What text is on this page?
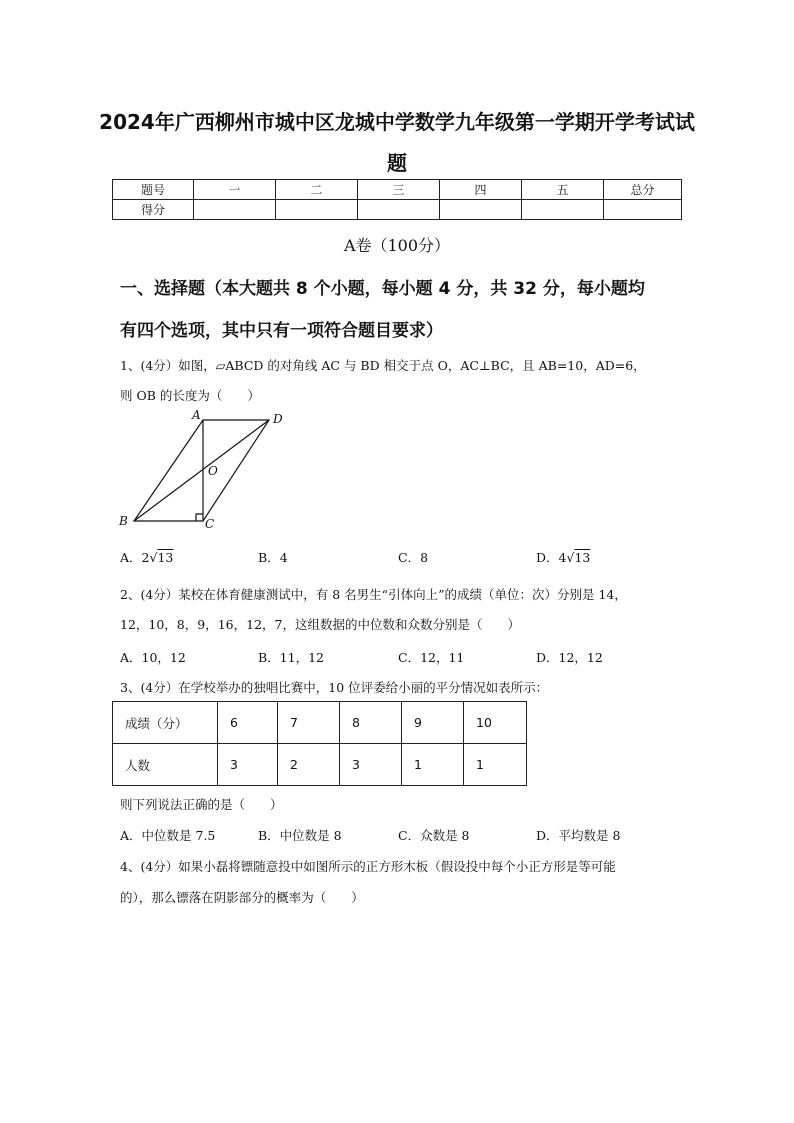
2024年广西柳州市城中区龙城中学数学九年级第一学期开学考试试
题
题号	一	二	三	四	五	总分
得分						
A卷（100分）
一、选择题（本大题共 8 个小题，每小题 4 分，共 32 分，每小题均
有四个选项，其中只有一项符合题目要求）
1、(4分）如图，▱ABCD 的对角线 AC 与 BD 相交于点 O，AC⊥BC，且 AB=10，AD=6，
则 OB 的长度为（　　）
A	D
O
B	C
A．2√13	B．4	C．8	D．4√13
2、(4分）某校在体育健康测试中，有 8 名男生“引体向上”的成绩（单位：次）分别是 14，
12，10，8，9，16，12，7，这组数据的中位数和众数分别是（　　）
A．10，12	B．11，12	C．12，11	D．12，12
3、(4分）在学校举办的独唱比赛中，10 位评委给小丽的平分情况如表所示：
成绩（分）	6	7	8	9	10
人数	3	2	3	1	1
则下列说法正确的是（　　）
A．中位数是 7.5	B．中位数是 8	C．众数是 8	D．平均数是 8
4、(4分）如果小磊将镖随意投中如图所示的正方形木板（假设投中每个小正方形是等可能
的），那么镖落在阴影部分的概率为（　　）
